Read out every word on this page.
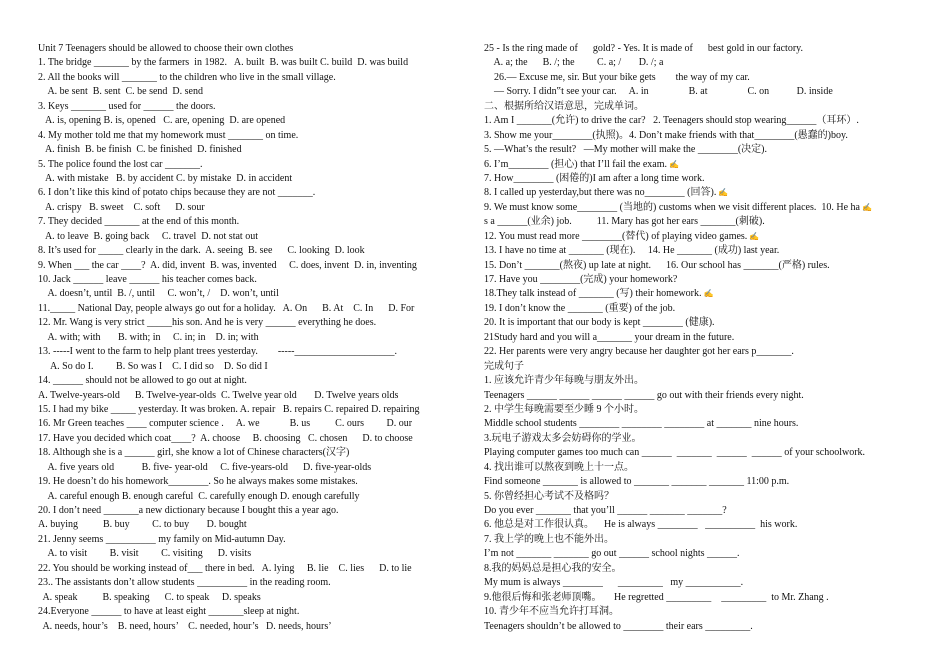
Unit 7 Teenagers should be allowed to choose their own clothes
1. The bridge _______ by the farmers  in 1982.   A. built  B. was built C. build  D. was build
2. All the books will _______ to the children who live in the small village.
A. be sent  B. sent  C. be send  D. send
3. Keys _______ used for ______ the doors.
A. is, opening B. is, opened   C. are, opening  D. are opened
4. My mother told me that my homework must _______ on time.
A. finish  B. be finish  C. be finished  D. finished
5. The police found the lost car _______.
A. with mistake   B. by accident C. by mistake  D. in accident
6. I don’t like this kind of potato chips because they are not _______.
A. crispy   B. sweet    C. soft      D. sour
7. They decided _______ at the end of this month.
A. to leave  B. going back     C. travel  D. not stat out
8. It’s used for _____ clearly in the dark.  A. seeing  B. see      C. looking  D. look
9. When ___ the car ____?  A. did, invent  B. was, invented     C. does, invent  D. in, inventing
10. Jack ______ leave ______ his teacher comes back.
A. doesn’t, until  B. /, until     C. won’t, /    D. won’t, until
11._____ National Day, people always go out for a holiday.   A. On      B. At    C. In      D. For
12. Mr. Wang is very strict _____his son. And he is very ______ everything he does.
A. with; with       B. with; in     C. in; in    D. in; with
13. -----I went to the farm to help plant trees yesterday.        -----____________________.
A. So do I.         B. So was I    C. I did so    D. So did I
14. ______ should not be allowed to go out at night.
A. Twelve-years-old      B. Twelve-year-olds  C. Twelve year old       D. Twelve years olds
15. I had my bike _____ yesterday. It was broken. A. repair   B. repairs C. repaired D. repairing
16. Mr Green teaches ____ computer science .     A. we            B. us          C. ours         D. our
17. Have you decided which coat____?  A. choose     B. choosing   C. chosen      D. to choose
18. Although she is a ______ girl, she know a lot of Chinese characters(汉字)
A. five years old           B. five- year-old     C. five-years-old      D. five-year-olds
19. He doesn’t do his homework________. So he always makes some mistakes.
A. careful enough B. enough careful  C. carefully enough D. enough carefully
20. I don’t need _______a new dictionary because I bought this a year ago.
A. buying          B. buy         C. to buy       D. bought
21. Jenny seems __________ my family on Mid-autumn Day.
A. to visit         B. visit         C. visiting      D. visits
22. You should be working instead of___ there in bed.   A. lying     B. lie    C. lies      D. to lie
23.. The assistants don’t allow students __________ in the reading room.
A. speak          B. speaking      C. to speak     D. speaks
24.Everyone ______ to have at least eight _______sleep at night.
A. needs, hour’s    B. need, hours’    C. needed, hour’s   D. needs, hours’
25 - Is the ring made of      gold? - Yes. It is made of      best gold in our factory.
A. a; the      B. /; the         C. a; /       D. /; a
26.— Excuse me, sir. But your bike gets        the way of my car.
— Sorry. I didn‟t see your car.     A. in                B. at                C. on           D. inside
二、根据所给汉语意思，完成单词。
1. Am I _______(允许) to drive the car?   2. Teenagers should stop wearing______（耳环）.
3. Show me your________(执照)。4. Don’t make friends with that________(愚蠢的)boy.
5. —What’s the result?   —My mother will make the ________(决定).
6. I’m________ (担心) that I’ll fail the exam. ✍
7. How________ (困倦的)I am after a long time work.
8. I called up yesterday,but there was no________ (回答). ✍
9. We must know some________ (当地的) customs when we visit different places.  10. He ha ✍
s a ______(业余) job.          11. Mary has got her ears _______(刺破).
12. You must read more ________(替代) of playing video games. ✍
13. I have no time at _______ (现在).     14. He _______ (成功) last year.
15. Don’t _______(熬夜) up late at night.      16. Our school has _______(严格) rules.
17. Have you ________(完成) your homework?
18.They talk instead of _______ (写) their homework. ✍
19. I don’t know the _______ (重要) of the job.
20. It is important that our body is kept ________ (健康).
21Study hard and you will a_______ your dream in the future.
22. Her parents were very angry because her daughter got her ears p_______.
完成句子
1. 应该允许青少年每晚与朋友外出。
Teenagers ______ ______ ______ ______ go out with their friends every night.
2. 中学生每晚需要至少睡 9 个小时。
Middle school students ________ ________ ________ at _______ nine hours.
3.玩电子游戏太多会妨碍你的学业。
Playing computer games too much can ______  _______  ______  ______ of your schoolwork.
4. 找出谁可以熬夜到晚上十一点。
Find someone _______ is allowed to _______ _______ _______ 11:00 p.m.
5. 你曾经担心考试不及格吗？
Do you ever _______ that you’ll ______ _______ _______?
6. 他总是对工作很认真。    He is always ________   __________  his work.
7. 我上学的晚上也不能外出。
I’m not _______ _______ go out ______ school nights ______.
8.我的妈妈总是担心我的安全。
My mum is always ________      _________   my ___________.
9.他很后悔和张老师顶嘴。     He regretted _________    _________  to Mr. Zhang .
10. 青少年不应当允许打耳洞。
Teenagers shouldn’t be allowed to ________ their ears _________.
